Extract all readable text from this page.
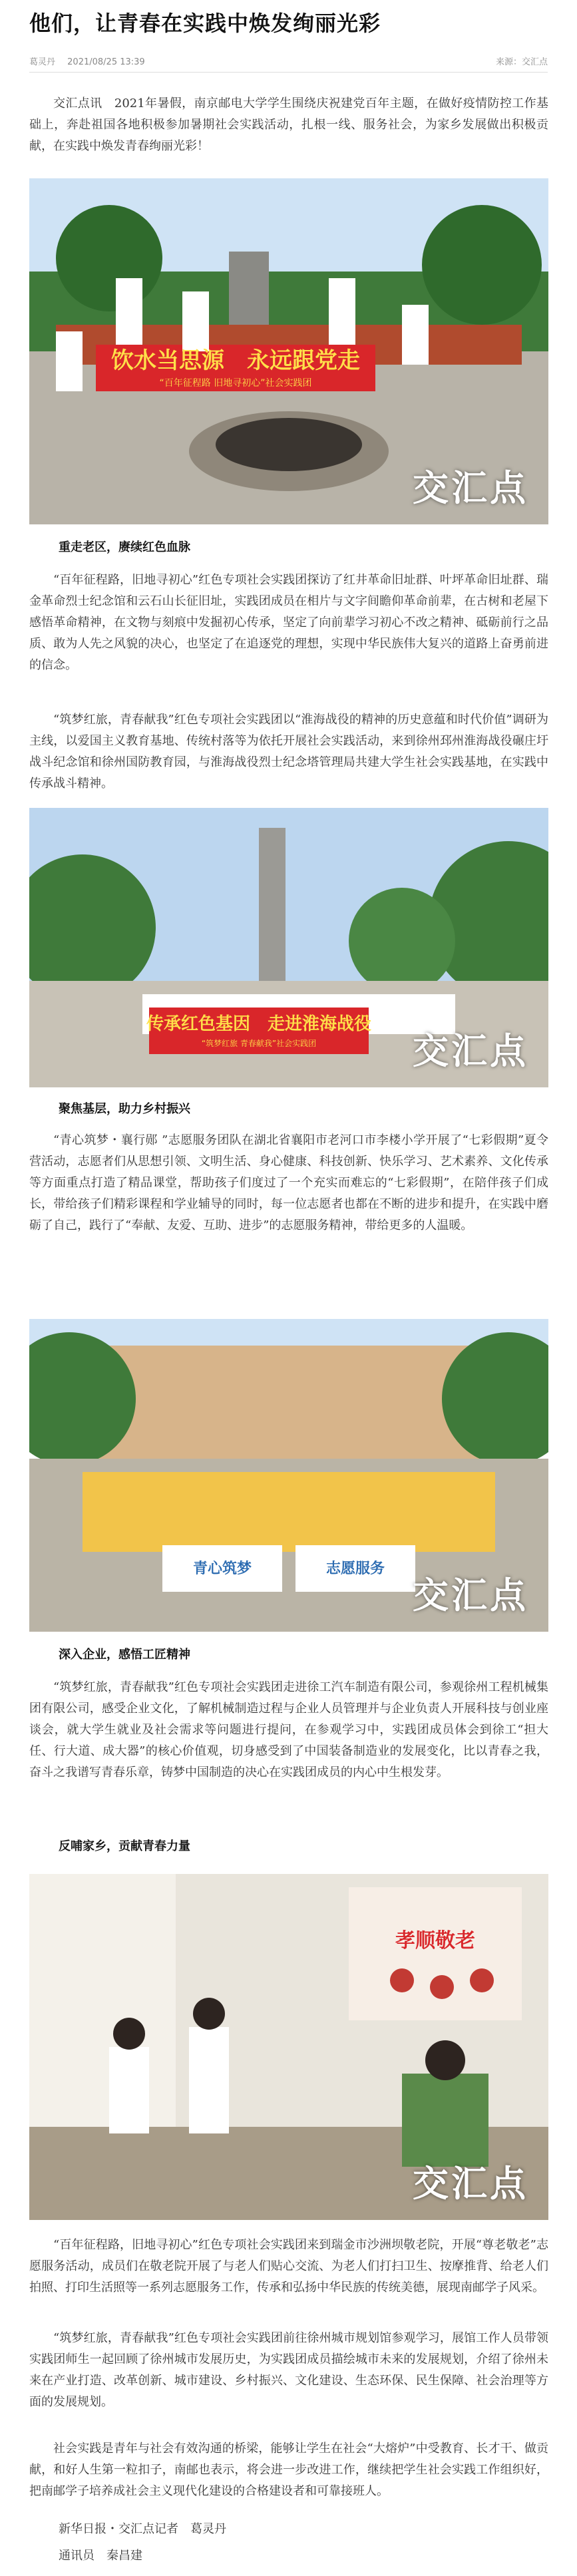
他们，让青春在实践中焕发绚丽光彩
葛灵丹 2021/08/25 13:39	来源：交汇点

交汇点讯　2021年暑假，南京邮电大学学生围绕庆祝建党百年主题，在做好疫情防控工作基础上，奔赴祖国各地积极参加暑期社会实践活动，扎根一线、服务社会，为家乡发展做出积极贡献，在实践中焕发青春绚丽光彩！

饮水当思源　永远跟党走
“百年征程路 旧地寻初心”社会实践团
交汇点

重走老区，赓续红色血脉

“百年征程路，旧地寻初心”红色专项社会实践团探访了红井革命旧址群、叶坪革命旧址群、瑞金革命烈士纪念馆和云石山长征旧址，实践团成员在相片与文字间瞻仰革命前辈，在古树和老屋下感悟革命精神，在文物与刻痕中发掘初心传承，坚定了向前辈学习初心不改之精神、砥砺前行之品质、敢为人先之风貌的决心，也坚定了在追逐党的理想，实现中华民族伟大复兴的道路上奋勇前进的信念。

“筑梦红旅，青春献我”红色专项社会实践团以“淮海战役的精神的历史意蕴和时代价值”调研为主线，以爱国主义教育基地、传统村落等为依托开展社会实践活动，来到徐州邳州淮海战役碾庄圩战斗纪念馆和徐州国防教育园，与淮海战役烈士纪念塔管理局共建大学生社会实践基地，在实践中传承战斗精神。

传承红色基因　走进淮海战役
“筑梦红旅 青春献我”社会实践团	交汇点

聚焦基层，助力乡村振兴

“青心筑梦・襄行郧 ”志愿服务团队在湖北省襄阳市老河口市李楼小学开展了“七彩假期”夏令营活动，志愿者们从思想引领、文明生活、身心健康、科技创新、快乐学习、艺术素养、文化传承等方面重点打造了精品课堂，帮助孩子们度过了一个充实而难忘的“七彩假期”，在陪伴孩子们成长，带给孩子们精彩课程和学业辅导的同时，每一位志愿者也都在不断的进步和提升，在实践中磨砺了自己，践行了“奉献、友爱、互助、进步”的志愿服务精神，带给更多的人温暖。

青心筑梦	志愿服务
交汇点

深入企业，感悟工匠精神

“筑梦红旅，青春献我”红色专项社会实践团走进徐工汽车制造有限公司，参观徐州工程机械集团有限公司，感受企业文化，了解机械制造过程与企业人员管理并与企业负责人开展科技与创业座谈会，就大学生就业及社会需求等问题进行提问，在参观学习中，实践团成员体会到徐工“担大任、行大道、成大器”的核心价值观，切身感受到了中国装备制造业的发展变化，比以青春之我，奋斗之我谱写青春乐章，铸梦中国制造的决心在实践团成员的内心中生根发芽。

反哺家乡，贡献青春力量

孝顺敬老
交汇点

“百年征程路，旧地寻初心”红色专项社会实践团来到瑞金市沙洲坝敬老院，开展“尊老敬老”志愿服务活动，成员们在敬老院开展了与老人们贴心交流、为老人们打扫卫生、按摩推背、给老人们拍照、打印生活照等一系列志愿服务工作，传承和弘扬中华民族的传统美德，展现南邮学子风采。

“筑梦红旅，青春献我”红色专项社会实践团前往徐州城市规划馆参观学习，展馆工作人员带领实践团师生一起回顾了徐州城市发展历史，为实践团成员描绘城市未来的发展规划，介绍了徐州未来在产业打造、改革创新、城市建设、乡村振兴、文化建设、生态环保、民生保障、社会治理等方面的发展规划。

社会实践是青年与社会有效沟通的桥梁，能够让学生在社会“大熔炉”中受教育、长才干、做贡献，和好人生第一粒扣子，南邮也表示，将会进一步改进工作，继续把学生社会实践工作组织好，把南邮学子培养成社会主义现代化建设的合格建设者和可靠接班人。

新华日报・交汇点记者　葛灵丹

通讯员　秦昌建
